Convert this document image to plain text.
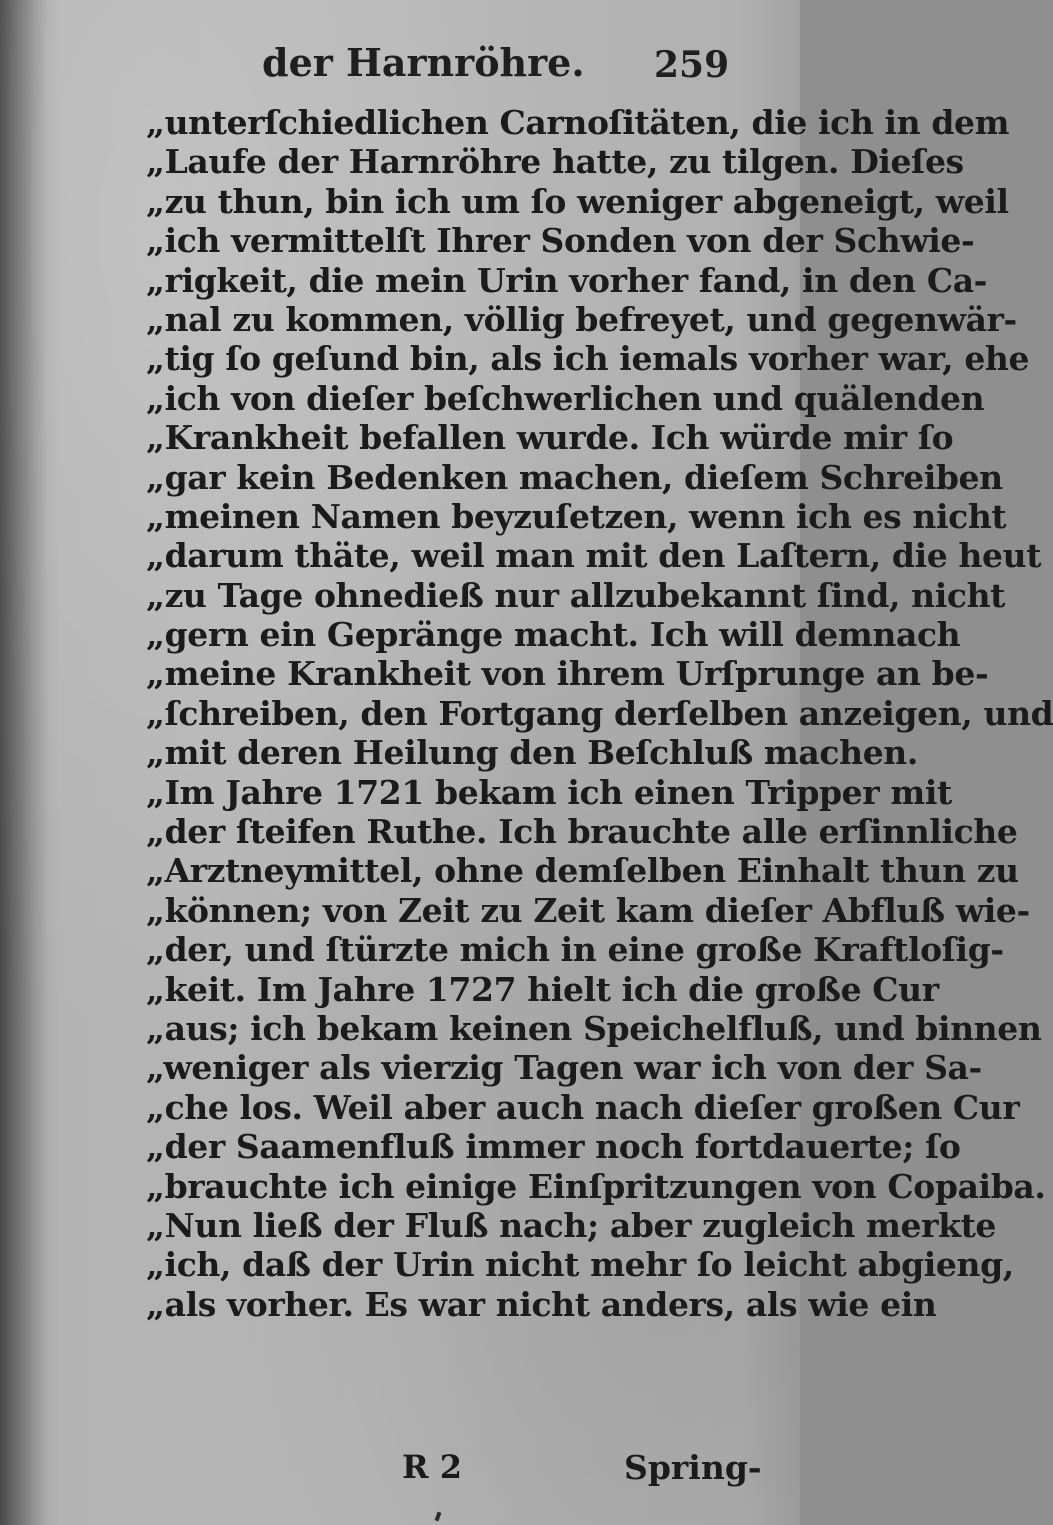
der Harnröhre. 259
„unterſchiedlichen Carnoſitäten, die ich in dem
„Laufe der Harnröhre hatte, zu tilgen. Dieſes
„zu thun, bin ich um ſo weniger abgeneigt, weil
„ich vermittelſt Ihrer Sonden von der Schwie-
„rigkeit, die mein Urin vorher fand, in den Ca-
„nal zu kommen, völlig befreyet, und gegenwär-
„tig ſo geſund bin, als ich iemals vorher war, ehe
„ich von dieſer beſchwerlichen und quälenden
„Krankheit befallen wurde. Ich würde mir ſo
„gar kein Bedenken machen, dieſem Schreiben
„meinen Namen beyzuſetzen, wenn ich es nicht
„darum thäte, weil man mit den Laſtern, die heut
„zu Tage ohnedieß nur allzubekannt ſind, nicht
„gern ein Gepränge macht. Ich will demnach
„meine Krankheit von ihrem Urſprunge an be-
„ſchreiben, den Fortgang derſelben anzeigen, und
„mit deren Heilung den Beſchluß machen.
„Im Jahre 1721 bekam ich einen Tripper mit
„der ſteifen Ruthe. Ich brauchte alle erſinnliche
„Arztneymittel, ohne demſelben Einhalt thun zu
„können; von Zeit zu Zeit kam dieſer Abfluß wie-
„der, und ſtürzte mich in eine große Kraftloſig-
„keit. Im Jahre 1727 hielt ich die große Cur
„aus; ich bekam keinen Speichelfluß, und binnen
„weniger als vierzig Tagen war ich von der Sa-
„che los. Weil aber auch nach dieſer großen Cur
„der Saamenfluß immer noch fortdauerte; ſo
„brauchte ich einige Einſpritzungen von Copaiba.
„Nun ließ der Fluß nach; aber zugleich merkte
„ich, daß der Urin nicht mehr ſo leicht abgieng,
„als vorher. Es war nicht anders, als wie ein
R 2	Spring-
